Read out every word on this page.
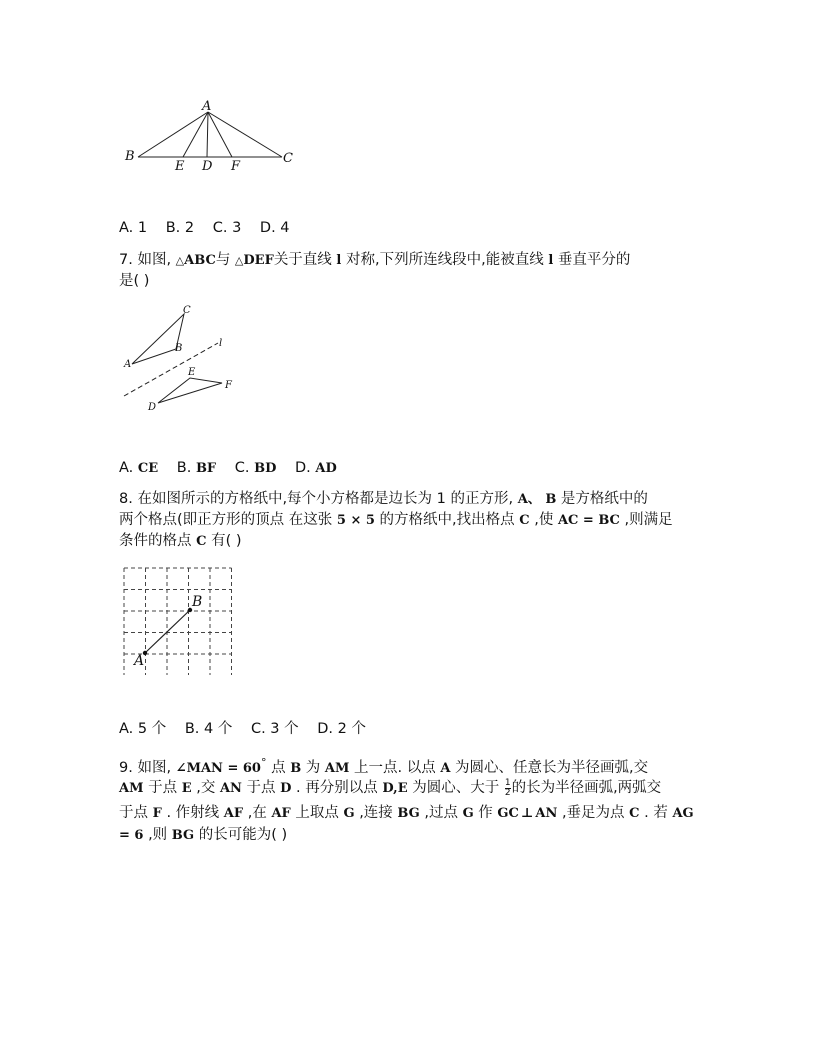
A
B	C
E D F
A. 1 B. 2 C. 3 D. 4
7. 如图, △ABC与 △DEF关于直线 l 对称,下列所连线段中,能被直线 l 垂直平分的
是( )
A
C
B	l
E
F
D
A. CE B. BF C. BD D. AD
8. 在如图所示的方格纸中,每个小方格都是边长为 1 的正方形, A、 B 是方格纸中的
两个格点(即正方形的顶点 在这张 5 × 5 的方格纸中,找出格点 C ,使 AC = BC ,则满足
条件的格点 C 有( )
A
B
A. 5 个 B. 4 个 C. 3 个 D. 2 个
9. 如图, ∠MAN = 60° 点 B 为 AM 上一点. 以点 A 为圆心、任意长为半径画弧,交
AM 于点 E ,交 AN 于点 D . 再分别以点 D,E 为圆心、大于 $\frac{1}{2}$ 的长为半径画弧,两弧交
于点 F . 作射线 AF ,在 AF 上取点 G ,连接 BG ,过点 G 作 GC ⊥ AN ,垂足为点 C . 若 AG
= 6 ,则 BG 的长可能为( )
